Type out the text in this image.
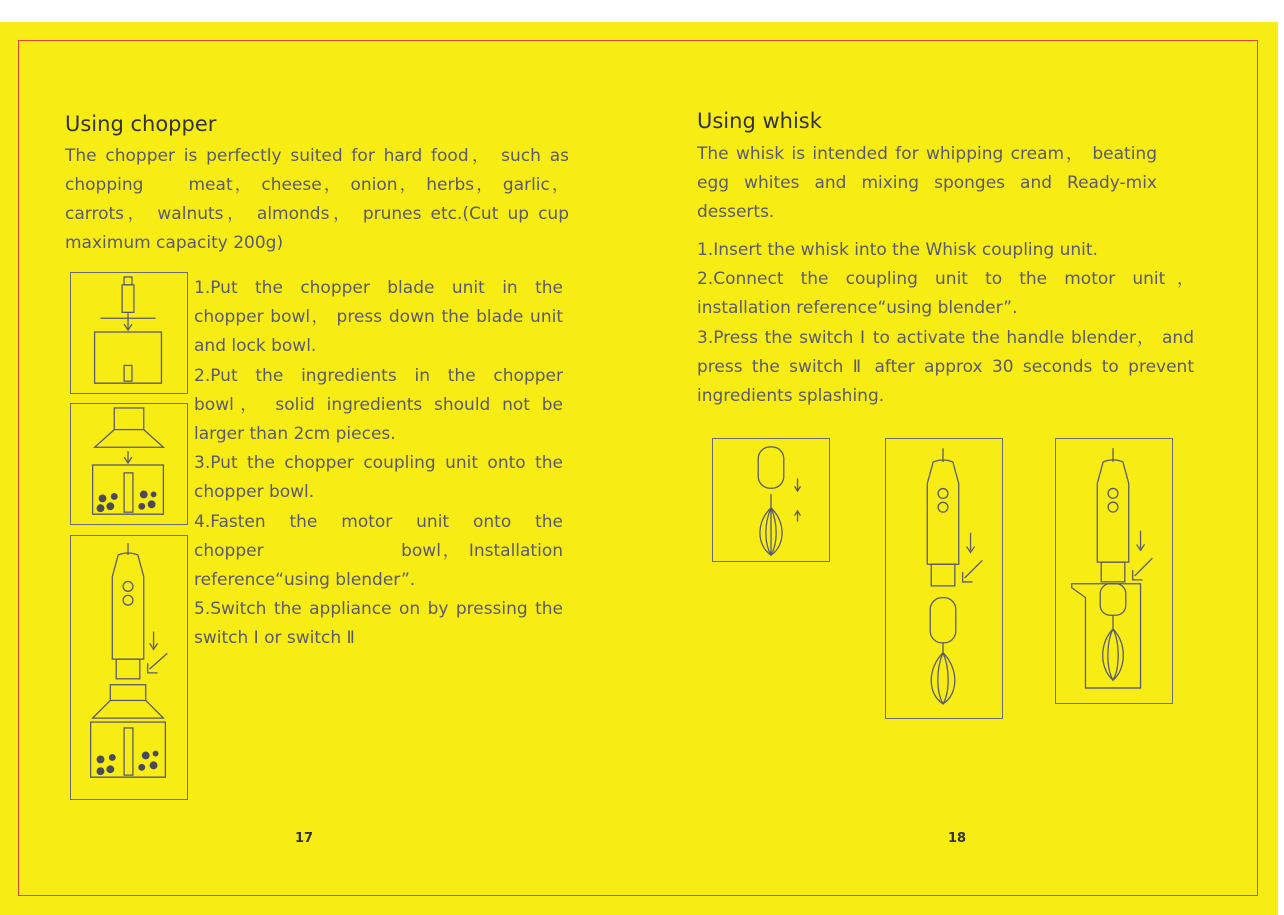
Using chopper

The chopper is perfectly suited for hard food， such as chopping      meat， cheese， onion， herbs， garlic， carrots， walnuts， almonds， prunes etc.(Cut up cup maximum capacity 200g)

1.Put the chopper blade unit in the chopper bowl， press down the blade unit and lock bowl.
2.Put the ingredients in the chopper bowl， solid ingredients should not be larger than 2cm pieces.
3.Put the chopper coupling unit onto the chopper bowl.
4.Fasten the motor unit onto the chopper                   bowl， Installation reference“using blender”.
5.Switch the appliance on by pressing the switch Ⅰ or switch Ⅱ
17
Using whisk

The whisk is intended for whipping cream， beating egg whites and mixing sponges and Ready-mix desserts.

1.Insert the whisk into the Whisk coupling unit.
2.Connect the coupling unit to the motor unit， installation reference“using blender”.
3.Press the switch Ⅰ to activate the handle blender， and press the switch Ⅱ after approx 30 seconds to prevent ingredients splashing.
18
